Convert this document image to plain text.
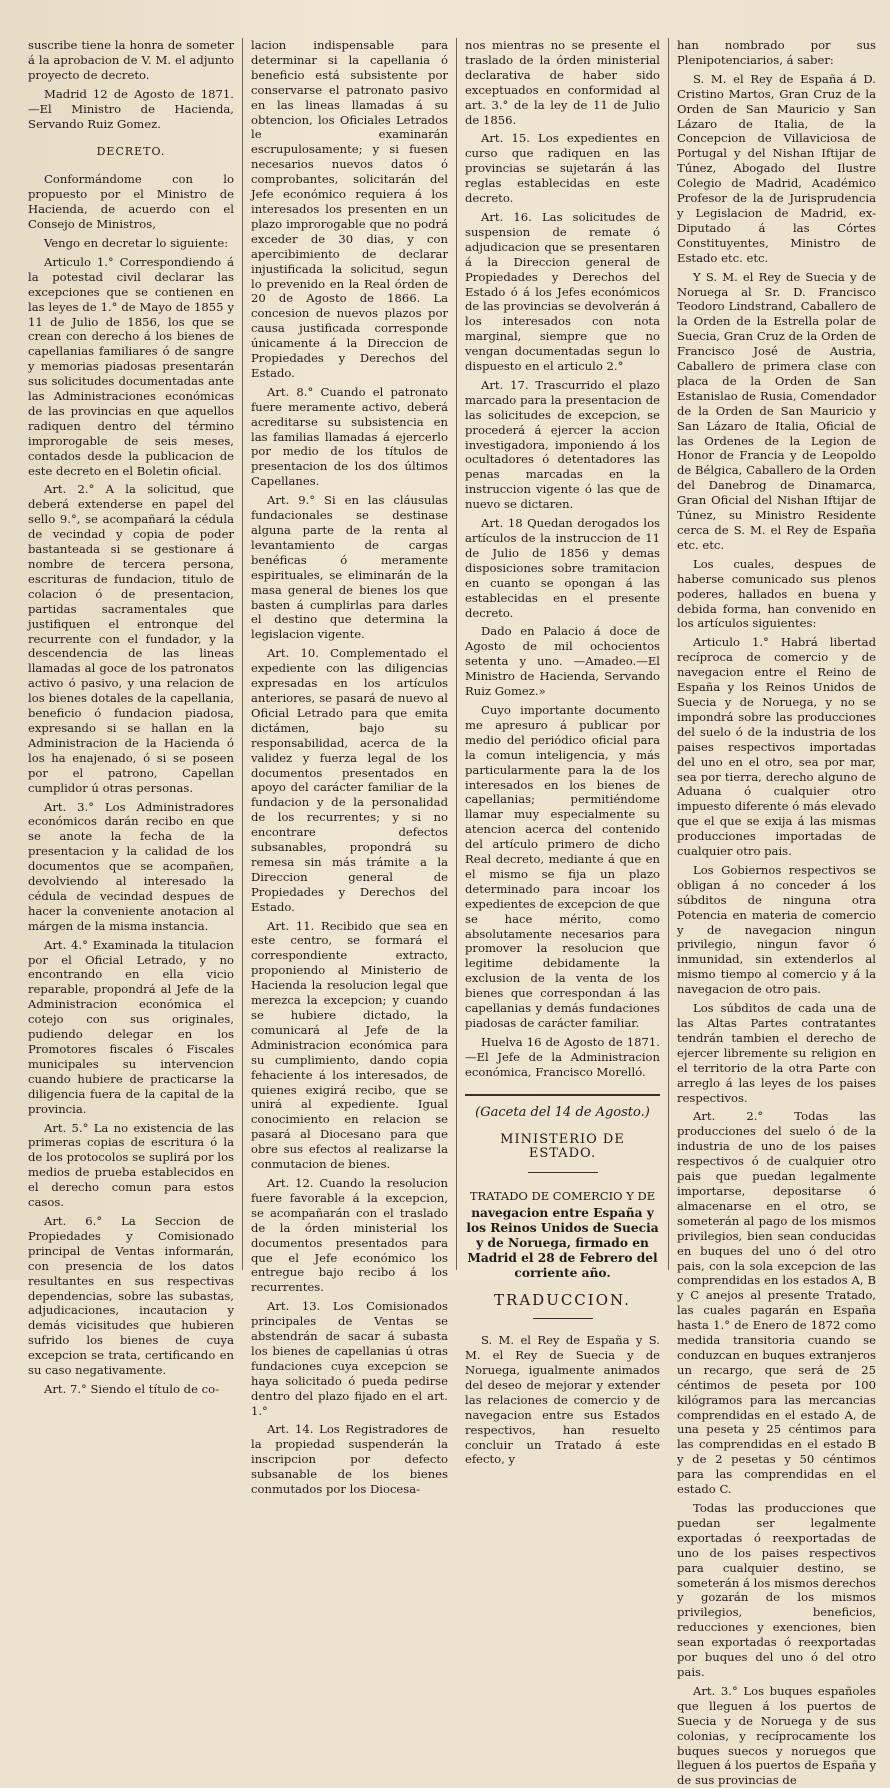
suscribe tiene la honra de someter á la aprobacion de V. M. el adjunto proyecto de decreto.

Madrid 12 de Agosto de 1871. —El Ministro de Hacienda, Servando Ruiz Gomez.

DECRETO.

Conformándome con lo propuesto por el Ministro de Hacienda, de acuerdo con el Consejo de Ministros,

Vengo en decretar lo siguiente:

Articulo 1.° Correspondiendo á la potestad civil declarar las excepciones que se contienen en las leyes de 1.° de Mayo de 1855 y 11 de Julio de 1856, los que se crean con derecho á los bienes de capellanias familiares ó de sangre y memorias piadosas presentarán sus solicitudes documentadas ante las Administraciones económicas de las provincias en que aquellos radiquen dentro del término improrogable de seis meses, contados desde la publicacion de este decreto en el Boletin oficial.

Art. 2.° A la solicitud, que deberá extenderse en papel del sello 9.°, se acompañará la cédula de vecindad y copia de poder bastanteada si se gestionare á nombre de tercera persona, escrituras de fundacion, titulo de colacion ó de presentacion, partidas sacramentales que justifiquen el entronque del recurrente con el fundador, y la descendencia de las lineas llamadas al goce de los patronatos activo ó pasivo, y una relacion de los bienes dotales de la capellania, beneficio ó fundacion piadosa, expresando si se hallan en la Administracion de la Hacienda ó los ha enajenado, ó si se poseen por el patrono, Capellan cumplidor ú otras personas.

Art. 3.° Los Administradores económicos darán recibo en que se anote la fecha de la presentacion y la calidad de los documentos que se acompañen, devolviendo al interesado la cédula de vecindad despues de hacer la conveniente anotacion al márgen de la misma instancia.

Art. 4.° Examinada la titulacion por el Oficial Letrado, y no encontrando en ella vicio reparable, propondrá al Jefe de la Administracion económica el cotejo con sus originales, pudiendo delegar en los Promotores fiscales ó Fiscales municipales su intervencion cuando hubiere de practicarse la diligencia fuera de la capital de la provincia.

Art. 5.° La no existencia de las primeras copias de escritura ó la de los protocolos se suplirá por los medios de prueba establecidos en el derecho comun para estos casos.

Art. 6.° La Seccion de Propiedades y Comisionado principal de Ventas informarán, con presencia de los datos resultantes en sus respectivas dependencias, sobre las subastas, adjudicaciones, incautacion y demás vicisitudes que hubieren sufrido los bienes de cuya excepcion se trata, certificando en su caso negativamente.

Art. 7.° Siendo el título de co-

lacion indispensable para determinar si la capellania ó beneficio está subsistente por conservarse el patronato pasivo en las lineas llamadas á su obtencion, los Oficiales Letrados le examinarán escrupulosamente; y si fuesen necesarios nuevos datos ó comprobantes, solicitarán del Jefe económico requiera á los interesados los presenten en un plazo improrogable que no podrá exceder de 30 dias, y con apercibimiento de declarar injustificada la solicitud, segun lo prevenido en la Real órden de 20 de Agosto de 1866. La concesion de nuevos plazos por causa justificada corresponde únicamente á la Direccion de Propiedades y Derechos del Estado.

Art. 8.° Cuando el patronato fuere meramente activo, deberá acreditarse su subsistencia en las familias llamadas á ejercerlo por medio de los títulos de presentacion de los dos últimos Capellanes.

Art. 9.° Si en las cláusulas fundacionales se destinase alguna parte de la renta al levantamiento de cargas benéficas ó meramente espirituales, se eliminarán de la masa general de bienes los que basten á cumplirlas para darles el destino que determina la legislacion vigente.

Art. 10. Complementado el expediente con las diligencias expresadas en los artículos anteriores, se pasará de nuevo al Oficial Letrado para que emita dictámen, bajo su responsabilidad, acerca de la validez y fuerza legal de los documentos presentados en apoyo del carácter familiar de la fundacion y de la personalidad de los recurrentes; y si no encontrare defectos subsanables, propondrá su remesa sin más trámite a la Direccion general de Propiedades y Derechos del Estado.

Art. 11. Recibido que sea en este centro, se formará el correspondiente extracto, proponiendo al Ministerio de Hacienda la resolucion legal que merezca la excepcion; y cuando se hubiere dictado, la comunicará al Jefe de la Administracion económica para su cumplimiento, dando copia fehaciente á los interesados, de quienes exigirá recibo, que se unirá al expediente. Igual conocimiento en relacion se pasará al Diocesano para que obre sus efectos al realizarse la conmutacion de bienes.

Art. 12. Cuando la resolucion fuere favorable á la excepcion, se acompañarán con el traslado de la órden ministerial los documentos presentados para que el Jefe económico los entregue bajo recibo á los recurrentes.

Art. 13. Los Comisionados principales de Ventas se abstendrán de sacar á subasta los bienes de capellanias ú otras fundaciones cuya excepcion se haya solicitado ó pueda pedirse dentro del plazo fijado en el art. 1.°

Art. 14. Los Registradores de la propiedad suspenderán la inscripcion por defecto subsanable de los bienes conmutados por los Diocesa-

nos mientras no se presente el traslado de la órden ministerial declarativa de haber sido exceptuados en conformidad al art. 3.° de la ley de 11 de Julio de 1856.

Art. 15. Los expedientes en curso que radiquen en las provincias se sujetarán á las reglas establecidas en este decreto.

Art. 16. Las solicitudes de suspension de remate ó adjudicacion que se presentaren á la Direccion general de Propiedades y Derechos del Estado ó á los Jefes económicos de las provincias se devolverán á los interesados con nota marginal, siempre que no vengan documentadas segun lo dispuesto en el articulo 2.°

Art. 17. Trascurrido el plazo marcado para la presentacion de las solicitudes de excepcion, se procederá á ejercer la accion investigadora, imponiendo á los ocultadores ó detentadores las penas marcadas en la instruccion vigente ó las que de nuevo se dictaren.

Art. 18 Quedan derogados los artículos de la instruccion de 11 de Julio de 1856 y demas disposiciones sobre tramitacion en cuanto se opongan á las establecidas en el presente decreto.

Dado en Palacio á doce de Agosto de mil ochocientos setenta y uno. —Amadeo.—El Ministro de Hacienda, Servando Ruiz Gomez.»

Cuyo importante documento me apresuro á publicar por medio del periódico oficial para la comun inteligencia, y más particularmente para la de los interesados en los bienes de capellanias; permitiéndome llamar muy especialmente su atencion acerca del contenido del artículo primero de dicho Real decreto, mediante á que en el mismo se fija un plazo determinado para incoar los expedientes de excepcion de que se hace mérito, como absolutamente necesarios para promover la resolucion que legitime debidamente la exclusion de la venta de los bienes que correspondan á las capellanias y demás fundaciones piadosas de carácter familiar.

Huelva 16 de Agosto de 1871. —El Jefe de la Administracion económica, Francisco Morelló.

(Gaceta del 14 de Agosto.)
MINISTERIO DE ESTADO.
TRATADO DE COMERCIO Y DE
navegacion entre España y los Reinos Unidos de Suecia y de Noruega, firmado en Madrid el 28 de Febrero del corriente año.
TRADUCCION.

S. M. el Rey de España y S. M. el Rey de Suecia y de Noruega, igualmente animados del deseo de mejorar y extender las relaciones de comercio y de navegacion entre sus Estados respectivos, han resuelto concluir un Tratado á este efecto, y

han nombrado por sus Plenipotenciarios, á saber:

S. M. el Rey de España á D. Cristino Martos, Gran Cruz de la Orden de San Mauricio y San Lázaro de Italia, de la Concepcion de Villaviciosa de Portugal y del Nishan Iftijar de Túnez, Abogado del Ilustre Colegio de Madrid, Académico Profesor de la de Jurisprudencia y Legislacion de Madrid, ex-Diputado á las Córtes Constituyentes, Ministro de Estado etc. etc.

Y S. M. el Rey de Suecia y de Noruega al Sr. D. Francisco Teodoro Lindstrand, Caballero de la Orden de la Estrella polar de Suecia, Gran Cruz de la Orden de Francisco José de Austria, Caballero de primera clase con placa de la Orden de San Estanislao de Rusia, Comendador de la Orden de San Mauricio y San Lázaro de Italia, Oficial de las Ordenes de la Legion de Honor de Francia y de Leopoldo de Bélgica, Caballero de la Orden del Danebrog de Dinamarca, Gran Oficial del Nishan Iftijar de Túnez, su Ministro Residente cerca de S. M. el Rey de España etc. etc.

Los cuales, despues de haberse comunicado sus plenos poderes, hallados en buena y debida forma, han convenido en los artículos siguientes:

Articulo 1.° Habrá libertad recíproca de comercio y de navegacion entre el Reino de España y los Reinos Unidos de Suecia y de Noruega, y no se impondrá sobre las producciones del suelo ó de la industria de los paises respectivos importadas del uno en el otro, sea por mar, sea por tierra, derecho alguno de Aduana ó cualquier otro impuesto diferente ó más elevado que el que se exija á las mismas producciones importadas de cualquier otro pais.

Los Gobiernos respectivos se obligan á no conceder á los súbditos de ninguna otra Potencia en materia de comercio y de navegacion ningun privilegio, ningun favor ó inmunidad, sin extenderlos al mismo tiempo al comercio y á la navegacion de otro pais.

Los súbditos de cada una de las Altas Partes contratantes tendrán tambien el derecho de ejercer libremente su religion en el territorio de la otra Parte con arreglo á las leyes de los paises respectivos.

Art. 2.° Todas las producciones del suelo ó de la industria de uno de los paises respectivos ó de cualquier otro pais que puedan legalmente importarse, depositarse ó almacenarse en el otro, se someterán al pago de los mismos privilegios, bien sean conducidas en buques del uno ó del otro pais, con la sola excepcion de las comprendidas en los estados A, B y C anejos al presente Tratado, las cuales pagarán en España hasta 1.° de Enero de 1872 como medida transitoria cuando se conduzcan en buques extranjeros un recargo, que será de 25 céntimos de peseta por 100 kilógramos para las mercancias comprendidas en el estado A, de una peseta y 25 céntimos para las comprendidas en el estado B y de 2 pesetas y 50 céntimos para las comprendidas en el estado C.

Todas las producciones que puedan ser legalmente exportadas ó reexportadas de uno de los paises respectivos para cualquier destino, se someterán á los mismos derechos y gozarán de los mismos privilegios, beneficios, reducciones y exenciones, bien sean exportadas ó reexportadas por buques del uno ó del otro pais.

Art. 3.° Los buques españoles que lleguen á los puertos de Suecia y de Noruega y de sus colonias, y recíprocamente los buques suecos y noruegos que lleguen á los puertos de España y de sus provincias de
